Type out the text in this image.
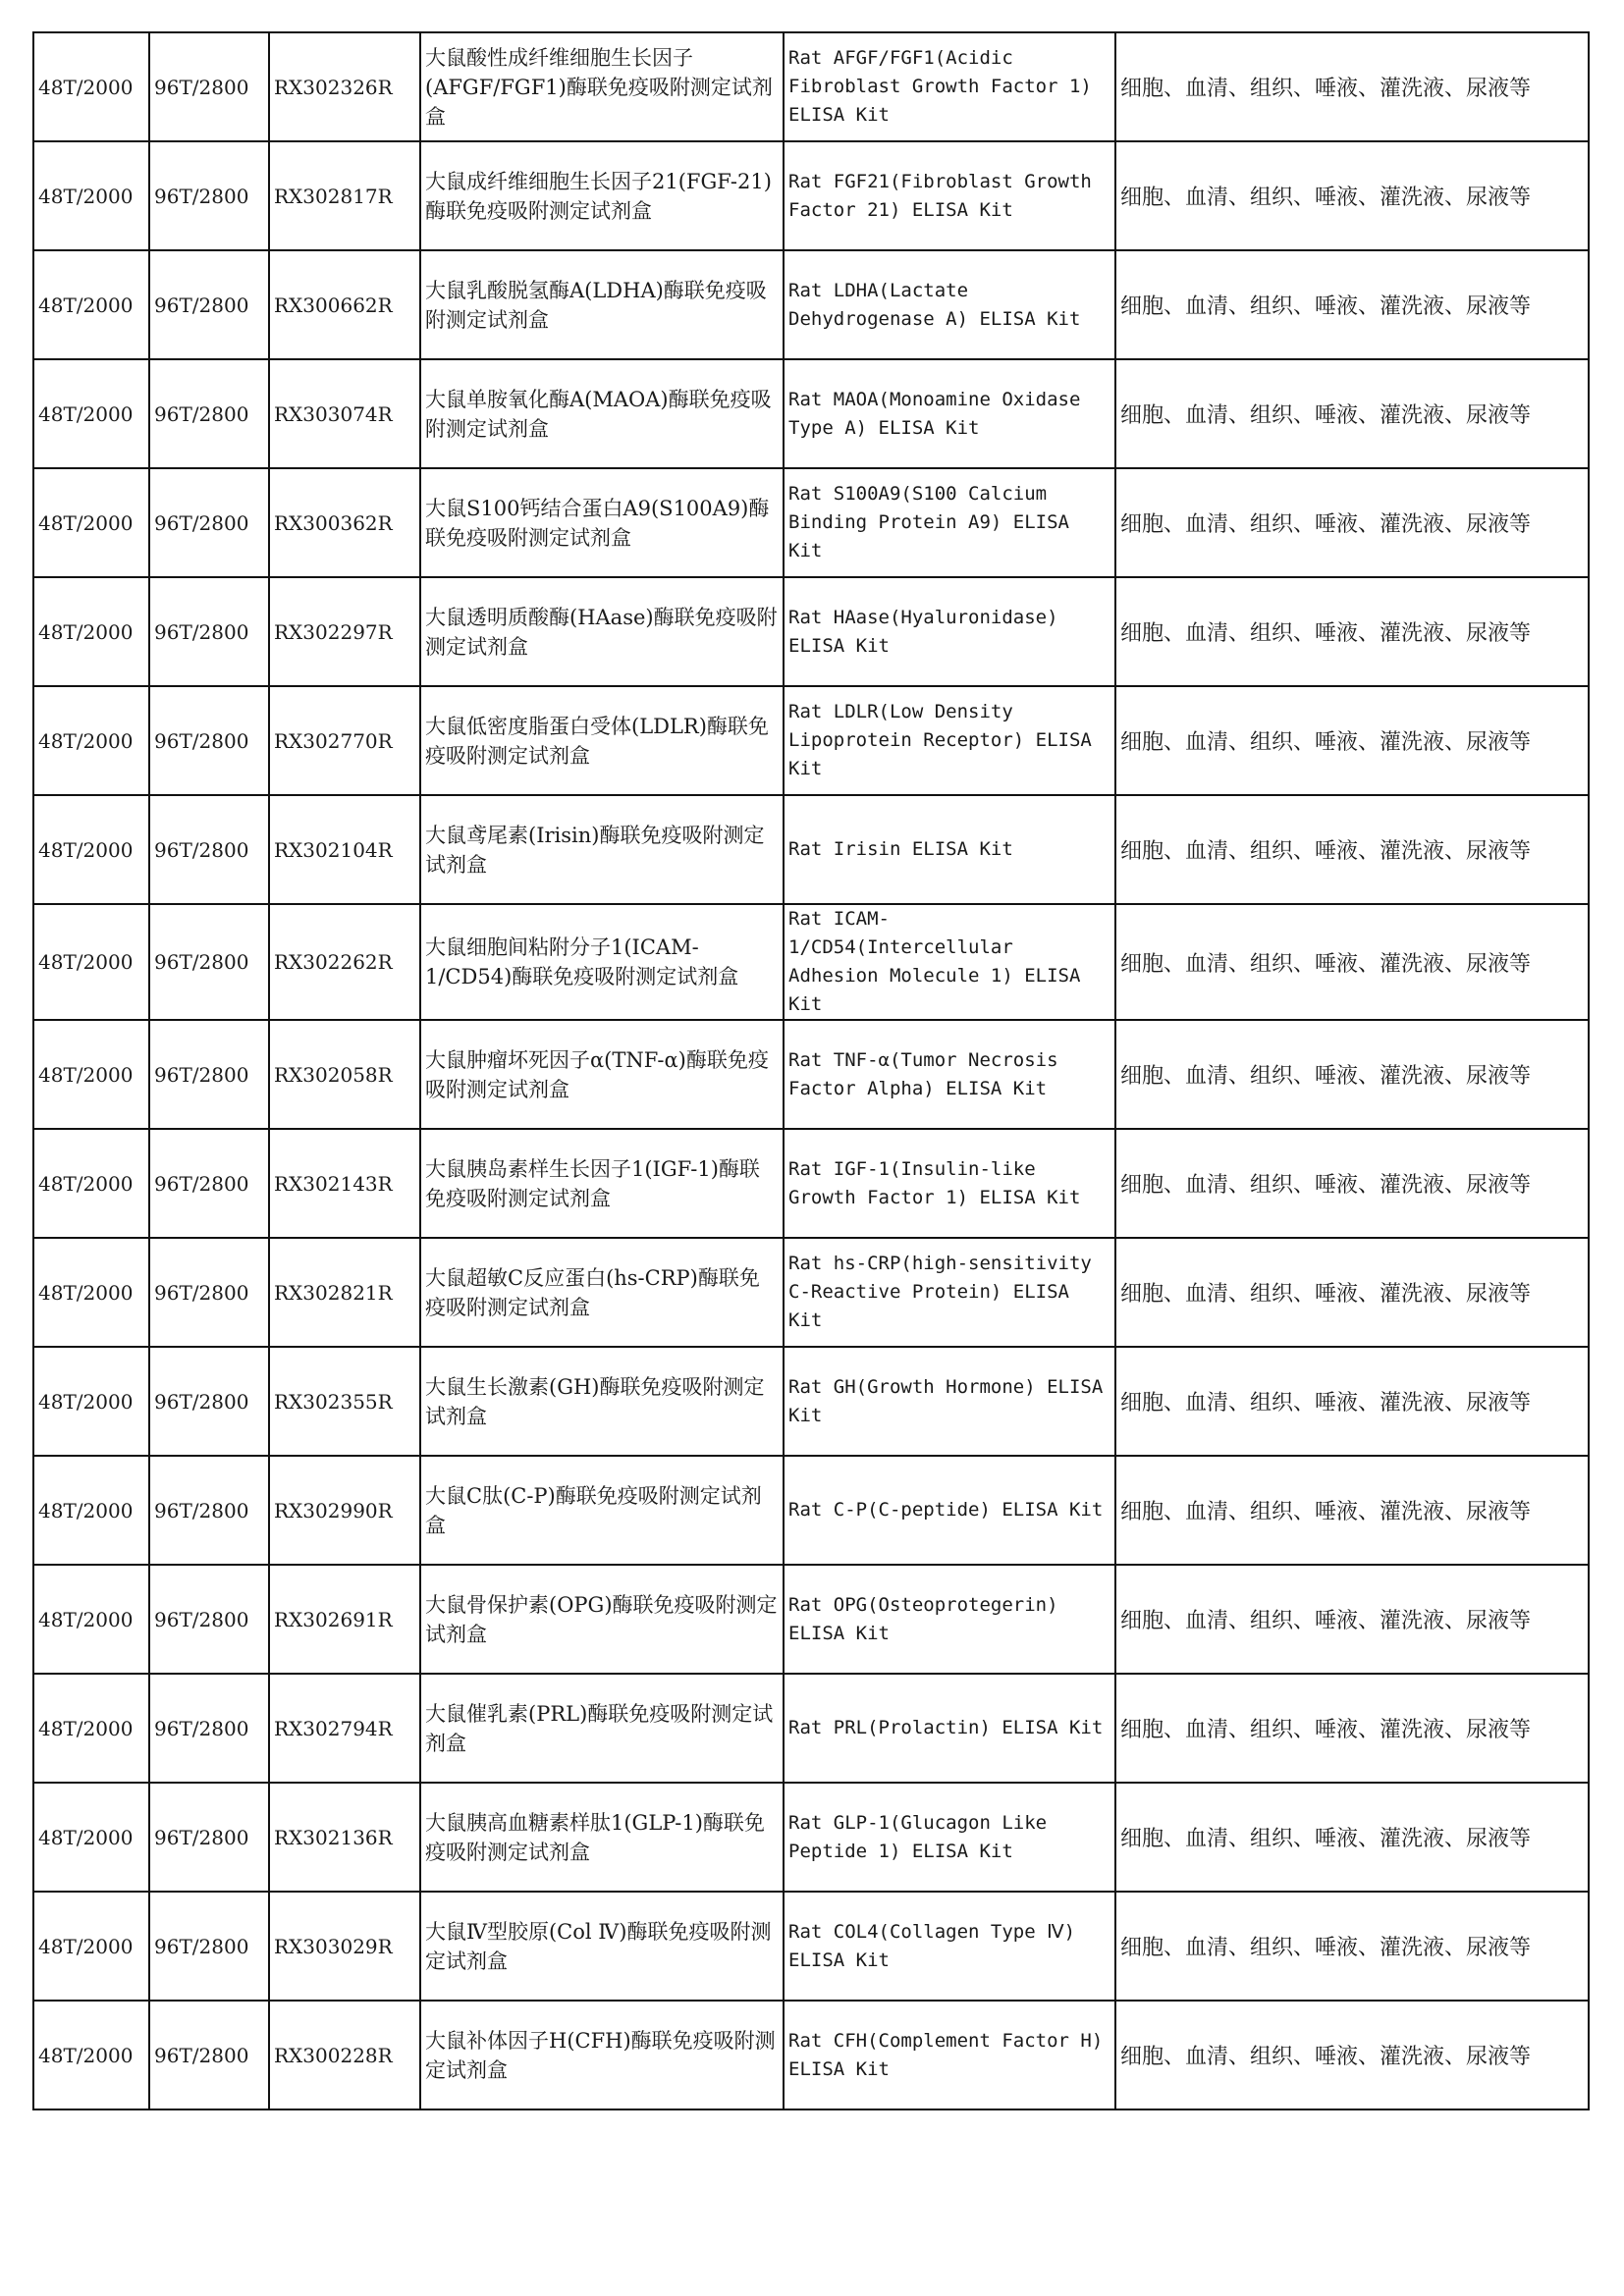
48T/2000	96T/2800	RX302326R	大鼠酸性成纤维细胞生长因子(AFGF/FGF1)酶联免疫吸附测定试剂盒	Rat AFGF/FGF1(Acidic Fibroblast Growth Factor 1) ELISA Kit	细胞、血清、组织、唾液、灌洗液、尿液等
48T/2000	96T/2800	RX302817R	大鼠成纤维细胞生长因子21(FGF-21)酶联免疫吸附测定试剂盒	Rat FGF21(Fibroblast Growth Factor 21) ELISA Kit	细胞、血清、组织、唾液、灌洗液、尿液等
48T/2000	96T/2800	RX300662R	大鼠乳酸脱氢酶A(LDHA)酶联免疫吸附测定试剂盒	Rat LDHA(Lactate Dehydrogenase A) ELISA Kit	细胞、血清、组织、唾液、灌洗液、尿液等
48T/2000	96T/2800	RX303074R	大鼠单胺氧化酶A(MAOA)酶联免疫吸附测定试剂盒	Rat MAOA(Monoamine Oxidase Type A) ELISA Kit	细胞、血清、组织、唾液、灌洗液、尿液等
48T/2000	96T/2800	RX300362R	大鼠S100钙结合蛋白A9(S100A9)酶联免疫吸附测定试剂盒	Rat S100A9(S100 Calcium Binding Protein A9) ELISA Kit	细胞、血清、组织、唾液、灌洗液、尿液等
48T/2000	96T/2800	RX302297R	大鼠透明质酸酶(HAase)酶联免疫吸附测定试剂盒	Rat HAase(Hyaluronidase) ELISA Kit	细胞、血清、组织、唾液、灌洗液、尿液等
48T/2000	96T/2800	RX302770R	大鼠低密度脂蛋白受体(LDLR)酶联免疫吸附测定试剂盒	Rat LDLR(Low Density Lipoprotein Receptor) ELISA Kit	细胞、血清、组织、唾液、灌洗液、尿液等
48T/2000	96T/2800	RX302104R	大鼠鸢尾素(Irisin)酶联免疫吸附测定试剂盒	Rat Irisin ELISA Kit	细胞、血清、组织、唾液、灌洗液、尿液等
48T/2000	96T/2800	RX302262R	大鼠细胞间粘附分子1(ICAM-1/CD54)酶联免疫吸附测定试剂盒	Rat ICAM-1/CD54(Intercellular Adhesion Molecule 1) ELISA Kit	细胞、血清、组织、唾液、灌洗液、尿液等
48T/2000	96T/2800	RX302058R	大鼠肿瘤坏死因子α(TNF-α)酶联免疫吸附测定试剂盒	Rat TNF-α(Tumor Necrosis Factor Alpha) ELISA Kit	细胞、血清、组织、唾液、灌洗液、尿液等
48T/2000	96T/2800	RX302143R	大鼠胰岛素样生长因子1(IGF-1)酶联免疫吸附测定试剂盒	Rat IGF-1(Insulin-like Growth Factor 1) ELISA Kit	细胞、血清、组织、唾液、灌洗液、尿液等
48T/2000	96T/2800	RX302821R	大鼠超敏C反应蛋白(hs-CRP)酶联免疫吸附测定试剂盒	Rat hs-CRP(high-sensitivity C-Reactive Protein) ELISA Kit	细胞、血清、组织、唾液、灌洗液、尿液等
48T/2000	96T/2800	RX302355R	大鼠生长激素(GH)酶联免疫吸附测定试剂盒	Rat GH(Growth Hormone) ELISA Kit	细胞、血清、组织、唾液、灌洗液、尿液等
48T/2000	96T/2800	RX302990R	大鼠C肽(C-P)酶联免疫吸附测定试剂盒	Rat C-P(C-peptide) ELISA Kit	细胞、血清、组织、唾液、灌洗液、尿液等
48T/2000	96T/2800	RX302691R	大鼠骨保护素(OPG)酶联免疫吸附测定试剂盒	Rat OPG(Osteoprotegerin) ELISA Kit	细胞、血清、组织、唾液、灌洗液、尿液等
48T/2000	96T/2800	RX302794R	大鼠催乳素(PRL)酶联免疫吸附测定试剂盒	Rat PRL(Prolactin) ELISA Kit	细胞、血清、组织、唾液、灌洗液、尿液等
48T/2000	96T/2800	RX302136R	大鼠胰高血糖素样肽1(GLP-1)酶联免疫吸附测定试剂盒	Rat GLP-1(Glucagon Like Peptide 1) ELISA Kit	细胞、血清、组织、唾液、灌洗液、尿液等
48T/2000	96T/2800	RX303029R	大鼠Ⅳ型胶原(Col Ⅳ)酶联免疫吸附测定试剂盒	Rat COL4(Collagen Type Ⅳ) ELISA Kit	细胞、血清、组织、唾液、灌洗液、尿液等
48T/2000	96T/2800	RX300228R	大鼠补体因子H(CFH)酶联免疫吸附测定试剂盒	Rat CFH(Complement Factor H) ELISA Kit	细胞、血清、组织、唾液、灌洗液、尿液等
